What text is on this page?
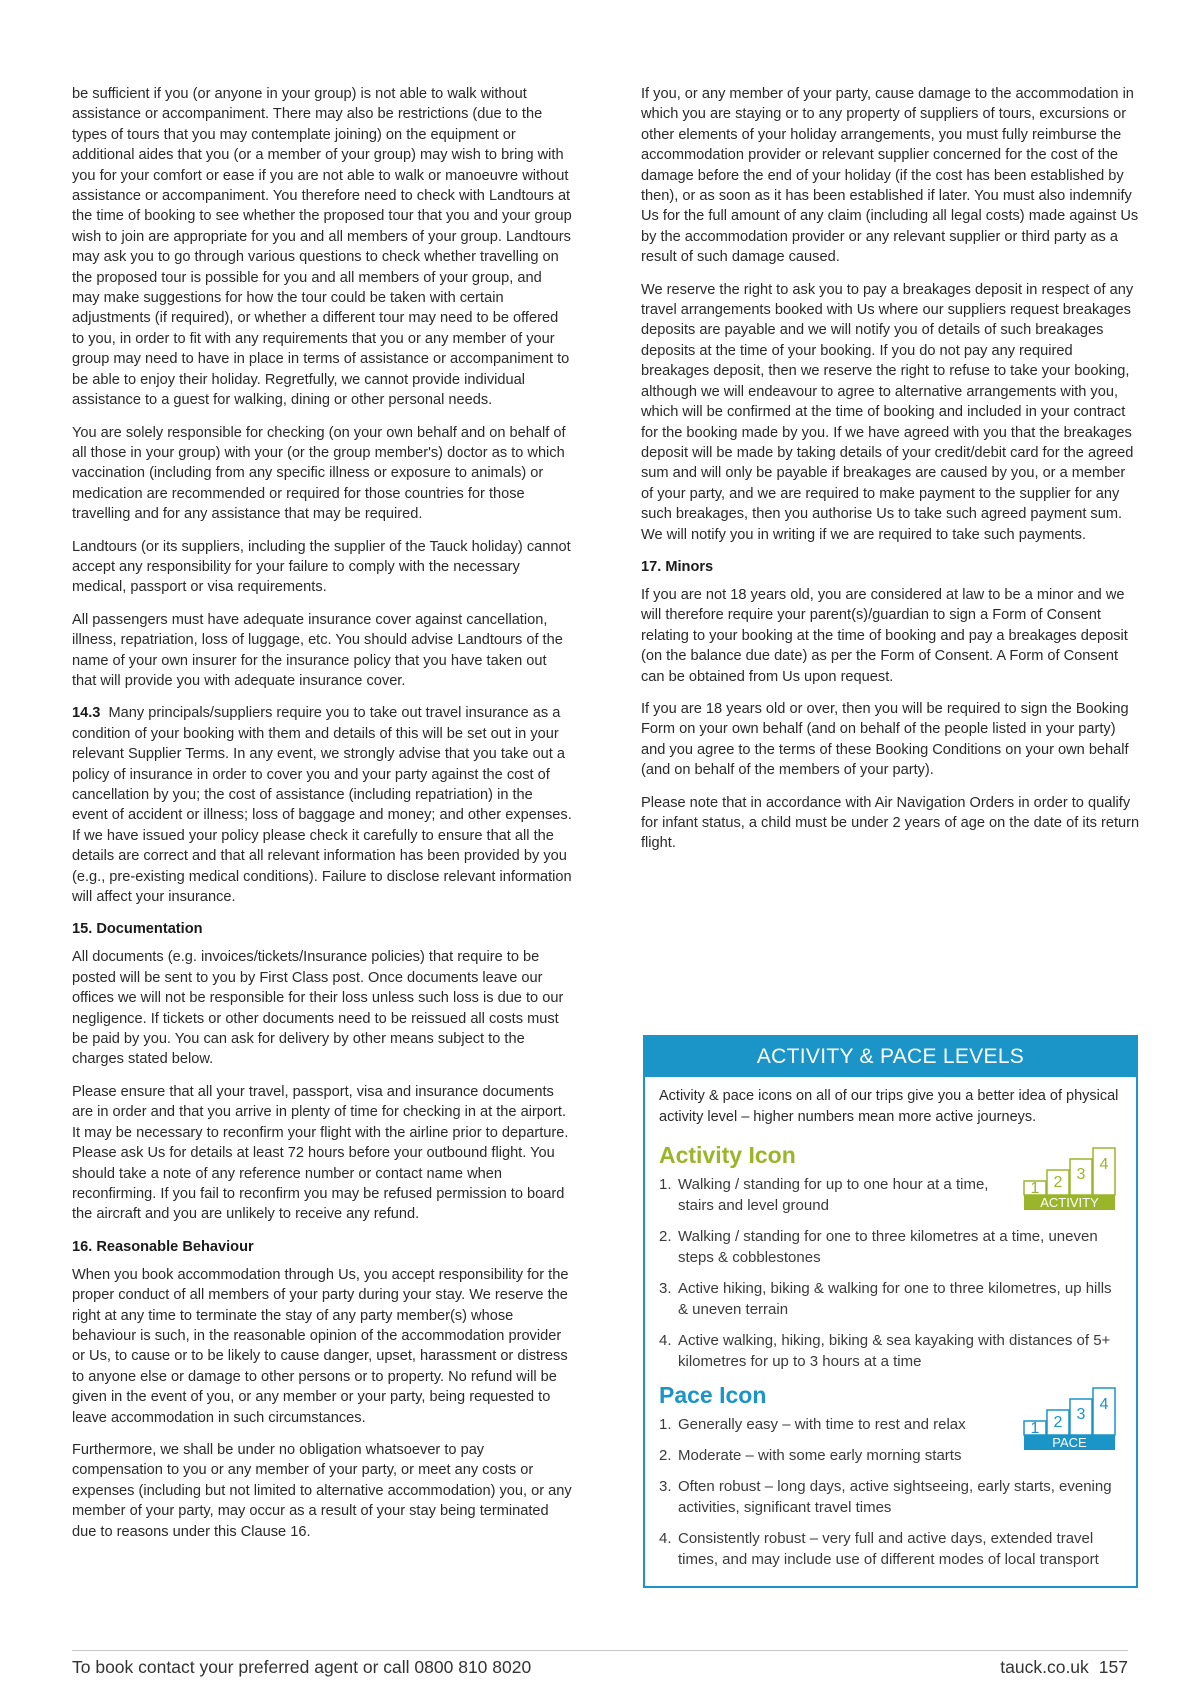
be sufficient if you (or anyone in your group) is not able to walk without assistance or accompaniment. There may also be restrictions (due to the types of tours that you may contemplate joining) on the equipment or additional aides that you (or a member of your group) may wish to bring with you for your comfort or ease if you are not able to walk or manoeuvre without assistance or accompaniment. You therefore need to check with Landtours at the time of booking to see whether the proposed tour that you and your group wish to join are appropriate for you and all members of your group. Landtours may ask you to go through various questions to check whether travelling on the proposed tour is possible for you and all members of your group, and may make suggestions for how the tour could be taken with certain adjustments (if required), or whether a different tour may need to be offered to you, in order to fit with any requirements that you or any member of your group may need to have in place in terms of assistance or accompaniment to be able to enjoy their holiday. Regretfully, we cannot provide individual assistance to a guest for walking, dining or other personal needs.

You are solely responsible for checking (on your own behalf and on behalf of all those in your group) with your (or the group member's) doctor as to which vaccination (including from any specific illness or exposure to animals) or medication are recommended or required for those countries for those travelling and for any assistance that may be required.

Landtours (or its suppliers, including the supplier of the Tauck holiday) cannot accept any responsibility for your failure to comply with the necessary medical, passport or visa requirements.

All passengers must have adequate insurance cover against cancellation, illness, repatriation, loss of luggage, etc. You should advise Landtours of the name of your own insurer for the insurance policy that you have taken out that will provide you with adequate insurance cover.

14.3 Many principals/suppliers require you to take out travel insurance as a condition of your booking with them and details of this will be set out in your relevant Supplier Terms. In any event, we strongly advise that you take out a policy of insurance in order to cover you and your party against the cost of cancellation by you; the cost of assistance (including repatriation) in the event of accident or illness; loss of baggage and money; and other expenses. If we have issued your policy please check it carefully to ensure that all the details are correct and that all relevant information has been provided by you (e.g., pre-existing medical conditions). Failure to disclose relevant information will affect your insurance.

15. Documentation

All documents (e.g. invoices/tickets/Insurance policies) that require to be posted will be sent to you by First Class post. Once documents leave our offices we will not be responsible for their loss unless such loss is due to our negligence. If tickets or other documents need to be reissued all costs must be paid by you. You can ask for delivery by other means subject to the charges stated below.

Please ensure that all your travel, passport, visa and insurance documents are in order and that you arrive in plenty of time for checking in at the airport. It may be necessary to reconfirm your flight with the airline prior to departure. Please ask Us for details at least 72 hours before your outbound flight. You should take a note of any reference number or contact name when reconfirming. If you fail to reconfirm you may be refused permission to board the aircraft and you are unlikely to receive any refund.

16. Reasonable Behaviour

When you book accommodation through Us, you accept responsibility for the proper conduct of all members of your party during your stay. We reserve the right at any time to terminate the stay of any party member(s) whose behaviour is such, in the reasonable opinion of the accommodation provider or Us, to cause or to be likely to cause danger, upset, harassment or distress to anyone else or damage to other persons or to property. No refund will be given in the event of you, or any member or your party, being requested to leave accommodation in such circumstances.

Furthermore, we shall be under no obligation whatsoever to pay compensation to you or any member of your party, or meet any costs or expenses (including but not limited to alternative accommodation) you, or any member of your party, may occur as a result of your stay being terminated due to reasons under this Clause 16.

If you, or any member of your party, cause damage to the accommodation in which you are staying or to any property of suppliers of tours, excursions or other elements of your holiday arrangements, you must fully reimburse the accommodation provider or relevant supplier concerned for the cost of the damage before the end of your holiday (if the cost has been established by then), or as soon as it has been established if later. You must also indemnify Us for the full amount of any claim (including all legal costs) made against Us by the accommodation provider or any relevant supplier or third party as a result of such damage caused.

We reserve the right to ask you to pay a breakages deposit in respect of any travel arrangements booked with Us where our suppliers request breakages deposits are payable and we will notify you of details of such breakages deposits at the time of your booking. If you do not pay any required breakages deposit, then we reserve the right to refuse to take your booking, although we will endeavour to agree to alternative arrangements with you, which will be confirmed at the time of booking and included in your contract for the booking made by you. If we have agreed with you that the breakages deposit will be made by taking details of your credit/debit card for the agreed sum and will only be payable if breakages are caused by you, or a member of your party, and we are required to make payment to the supplier for any such breakages, then you authorise Us to take such agreed payment sum. We will notify you in writing if we are required to take such payments.

17. Minors

If you are not 18 years old, you are considered at law to be a minor and we will therefore require your parent(s)/guardian to sign a Form of Consent relating to your booking at the time of booking and pay a breakages deposit (on the balance due date) as per the Form of Consent. A Form of Consent can be obtained from Us upon request.

If you are 18 years old or over, then you will be required to sign the Booking Form on your own behalf (and on behalf of the people listed in your party) and you agree to the terms of these Booking Conditions on your own behalf (and on behalf of the members of your party).

Please note that in accordance with Air Navigation Orders in order to qualify for infant status, a child must be under 2 years of age on the date of its return flight.

ACTIVITY & PACE LEVELS

Activity & pace icons on all of our trips give you a better idea of physical activity level – higher numbers mean more active journeys.

Activity Icon
1. Walking / standing for up to one hour at a time, stairs and level ground
2. Walking / standing for one to three kilometres at a time, uneven steps & cobblestones
3. Active hiking, biking & walking for one to three kilometres, up hills & uneven terrain
4. Active walking, hiking, biking & sea kayaking with distances of 5+ kilometres for up to 3 hours at a time
Pace Icon
1. Generally easy – with time to rest and relax
2. Moderate – with some early morning starts
3. Often robust – long days, active sightseeing, early starts, evening activities, significant travel times
4. Consistently robust – very full and active days, extended travel times, and may include use of different modes of local transport
1 2 3
4
ACTIVITY
1 2 3
4
PACE
To book contact your preferred agent or call 0800 810 8020	tauck.co.uk 157
